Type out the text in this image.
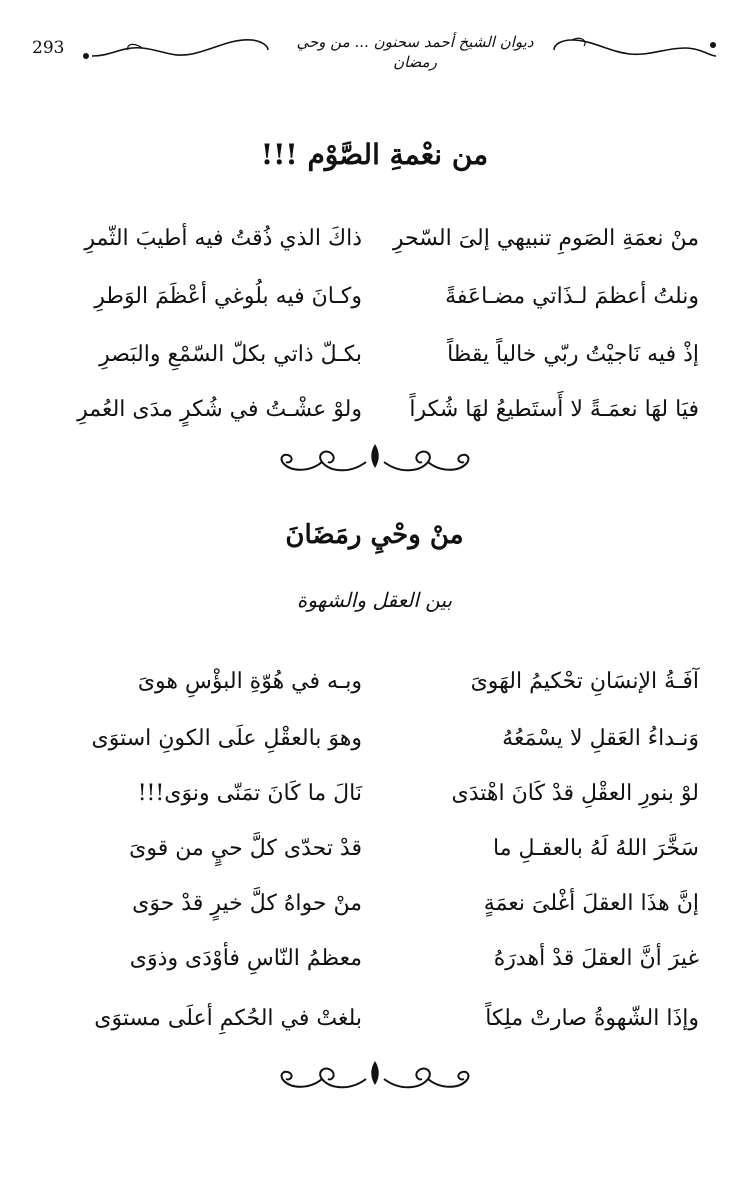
293	ديوان الشيخ أحمد سحنون ... من وحي رمضان
من نعْمةِ الصَّوْم !!!
منْ نعمَةِ الصَومِ تنبيهي إلىَ السّحرِ
ذاكَ الذي ذُقتُ فيه أطيبَ الثّمرِ
ونلتُ أعظمَ لـذَاتي مضـاعَفةً
وكـانَ فيه بلُوغي أعْظَمَ الوَطرِ
إذْ فيه نَاجيْتُ ربّي خالياً يقظاً
بكـلّ ذاتي بكلّ السّمْعِ والبَصرِ
فيَا لهَا نعمَـةً لا أَستَطيعُ لهَا شُكراً
ولوْ عشْـتُ في شُكرٍ مدَى العُمرِ
منْ وحْيِ رمَضَانَ
بين العقل والشهوة
آفَـةُ الإنسَانِ تحْكيمُ الهَوىَ
وبـه في هُوّةِ البؤْسِ هوىَ
وَنـداءُ العَقلِ لا يسْمَعُهُ
وهوَ بالعقْلِ علَى الكونِ استوَى
لوْ بنورِ العقْلِ قدْ كَانَ اهْتدَى
نَالَ ما كَانَ تمَنّى ونوَى!!!
سَخَّرَ اللهُ لَهُ بالعقـلِ ما
قدْ تحدّى كلَّ حيٍ من قوىَ
إنَّ هذَا العقلَ أغْلىَ نعمَةٍ
منْ حواهُ كلَّ خيرٍ قدْ حوَى
غيرَ أنَّ العقلَ قدْ أهدرَهُ
معظمُ النّاسِ فأوْدَى وذوَى
وإذَا الشّهوةُ صارتْ ملِكاً
بلغتْ في الحُكمِ أعلَى مستوَى
